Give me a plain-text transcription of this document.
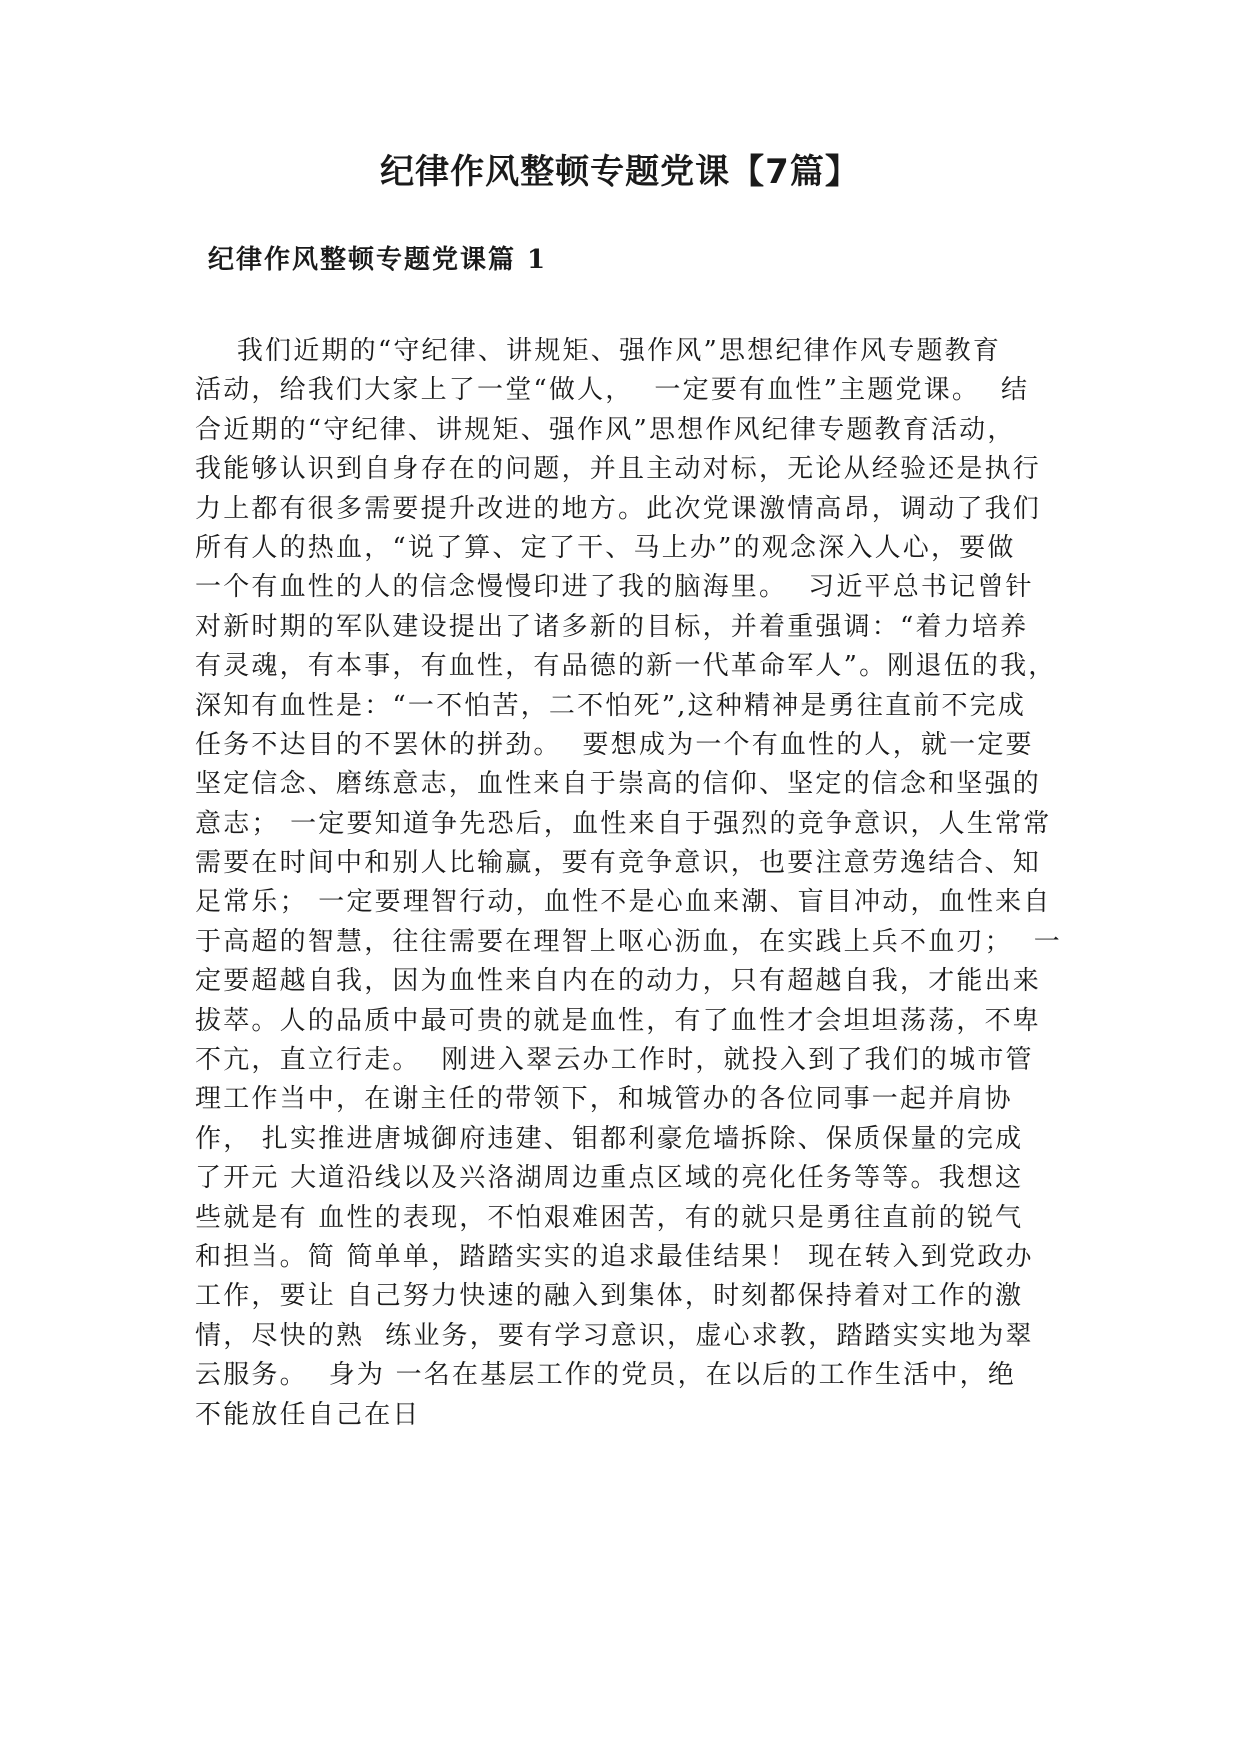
纪律作风整顿专题党课【7篇】
纪律作风整顿专题党课篇 1
我们近期的“守纪律、讲规矩、强作风”思想纪律作风专题教育
活动，给我们大家上了一堂“做人，  一定要有血性”主题党课。  结
合近期的“守纪律、讲规矩、强作风”思想作风纪律专题教育活动，
我能够认识到自身存在的问题，并且主动对标，无论从经验还是执行
力上都有很多需要提升改进的地方。此次党课激情高昂，调动了我们
所有人的热血，“说了算、定了干、马上办”的观念深入人心，要做
一个有血性的人的信念慢慢印进了我的脑海里。  习近平总书记曾针
对新时期的军队建设提出了诸多新的目标，并着重强调：“着力培养
有灵魂，有本事，有血性，有品德的新一代革命军人”。刚退伍的我，
深知有血性是：“一不怕苦，二不怕死”,这种精神是勇往直前不完成
任务不达目的不罢休的拼劲。  要想成为一个有血性的人，就一定要
坚定信念、磨练意志，血性来自于崇高的信仰、坚定的信念和坚强的
意志； 一定要知道争先恐后，血性来自于强烈的竞争意识，人生常常
需要在时间中和别人比输赢，要有竞争意识，也要注意劳逸结合、知
足常乐； 一定要理智行动，血性不是心血来潮、盲目冲动，血性来自
于高超的智慧，往往需要在理智上呕心沥血，在实践上兵不血刃；  一
定要超越自我，因为血性来自内在的动力，只有超越自我，才能出来
拔萃。人的品质中最可贵的就是血性，有了血性才会坦坦荡荡，不卑
不亢，直立行走。  刚进入翠云办工作时，就投入到了我们的城市管
理工作当中，在谢主任的带领下，和城管办的各位同事一起并肩协
作， 扎实推进唐城御府违建、钼都利豪危墙拆除、保质保量的完成
了开元 大道沿线以及兴洛湖周边重点区域的亮化任务等等。我想这
些就是有 血性的表现，不怕艰难困苦，有的就只是勇往直前的锐气
和担当。简 简单单，踏踏实实的追求最佳结果！ 现在转入到党政办
工作，要让 自己努力快速的融入到集体，时刻都保持着对工作的激
情，尽快的熟  练业务，要有学习意识，虚心求教，踏踏实实地为翠
云服务。  身为 一名在基层工作的党员，在以后的工作生活中，绝
不能放任自己在日
